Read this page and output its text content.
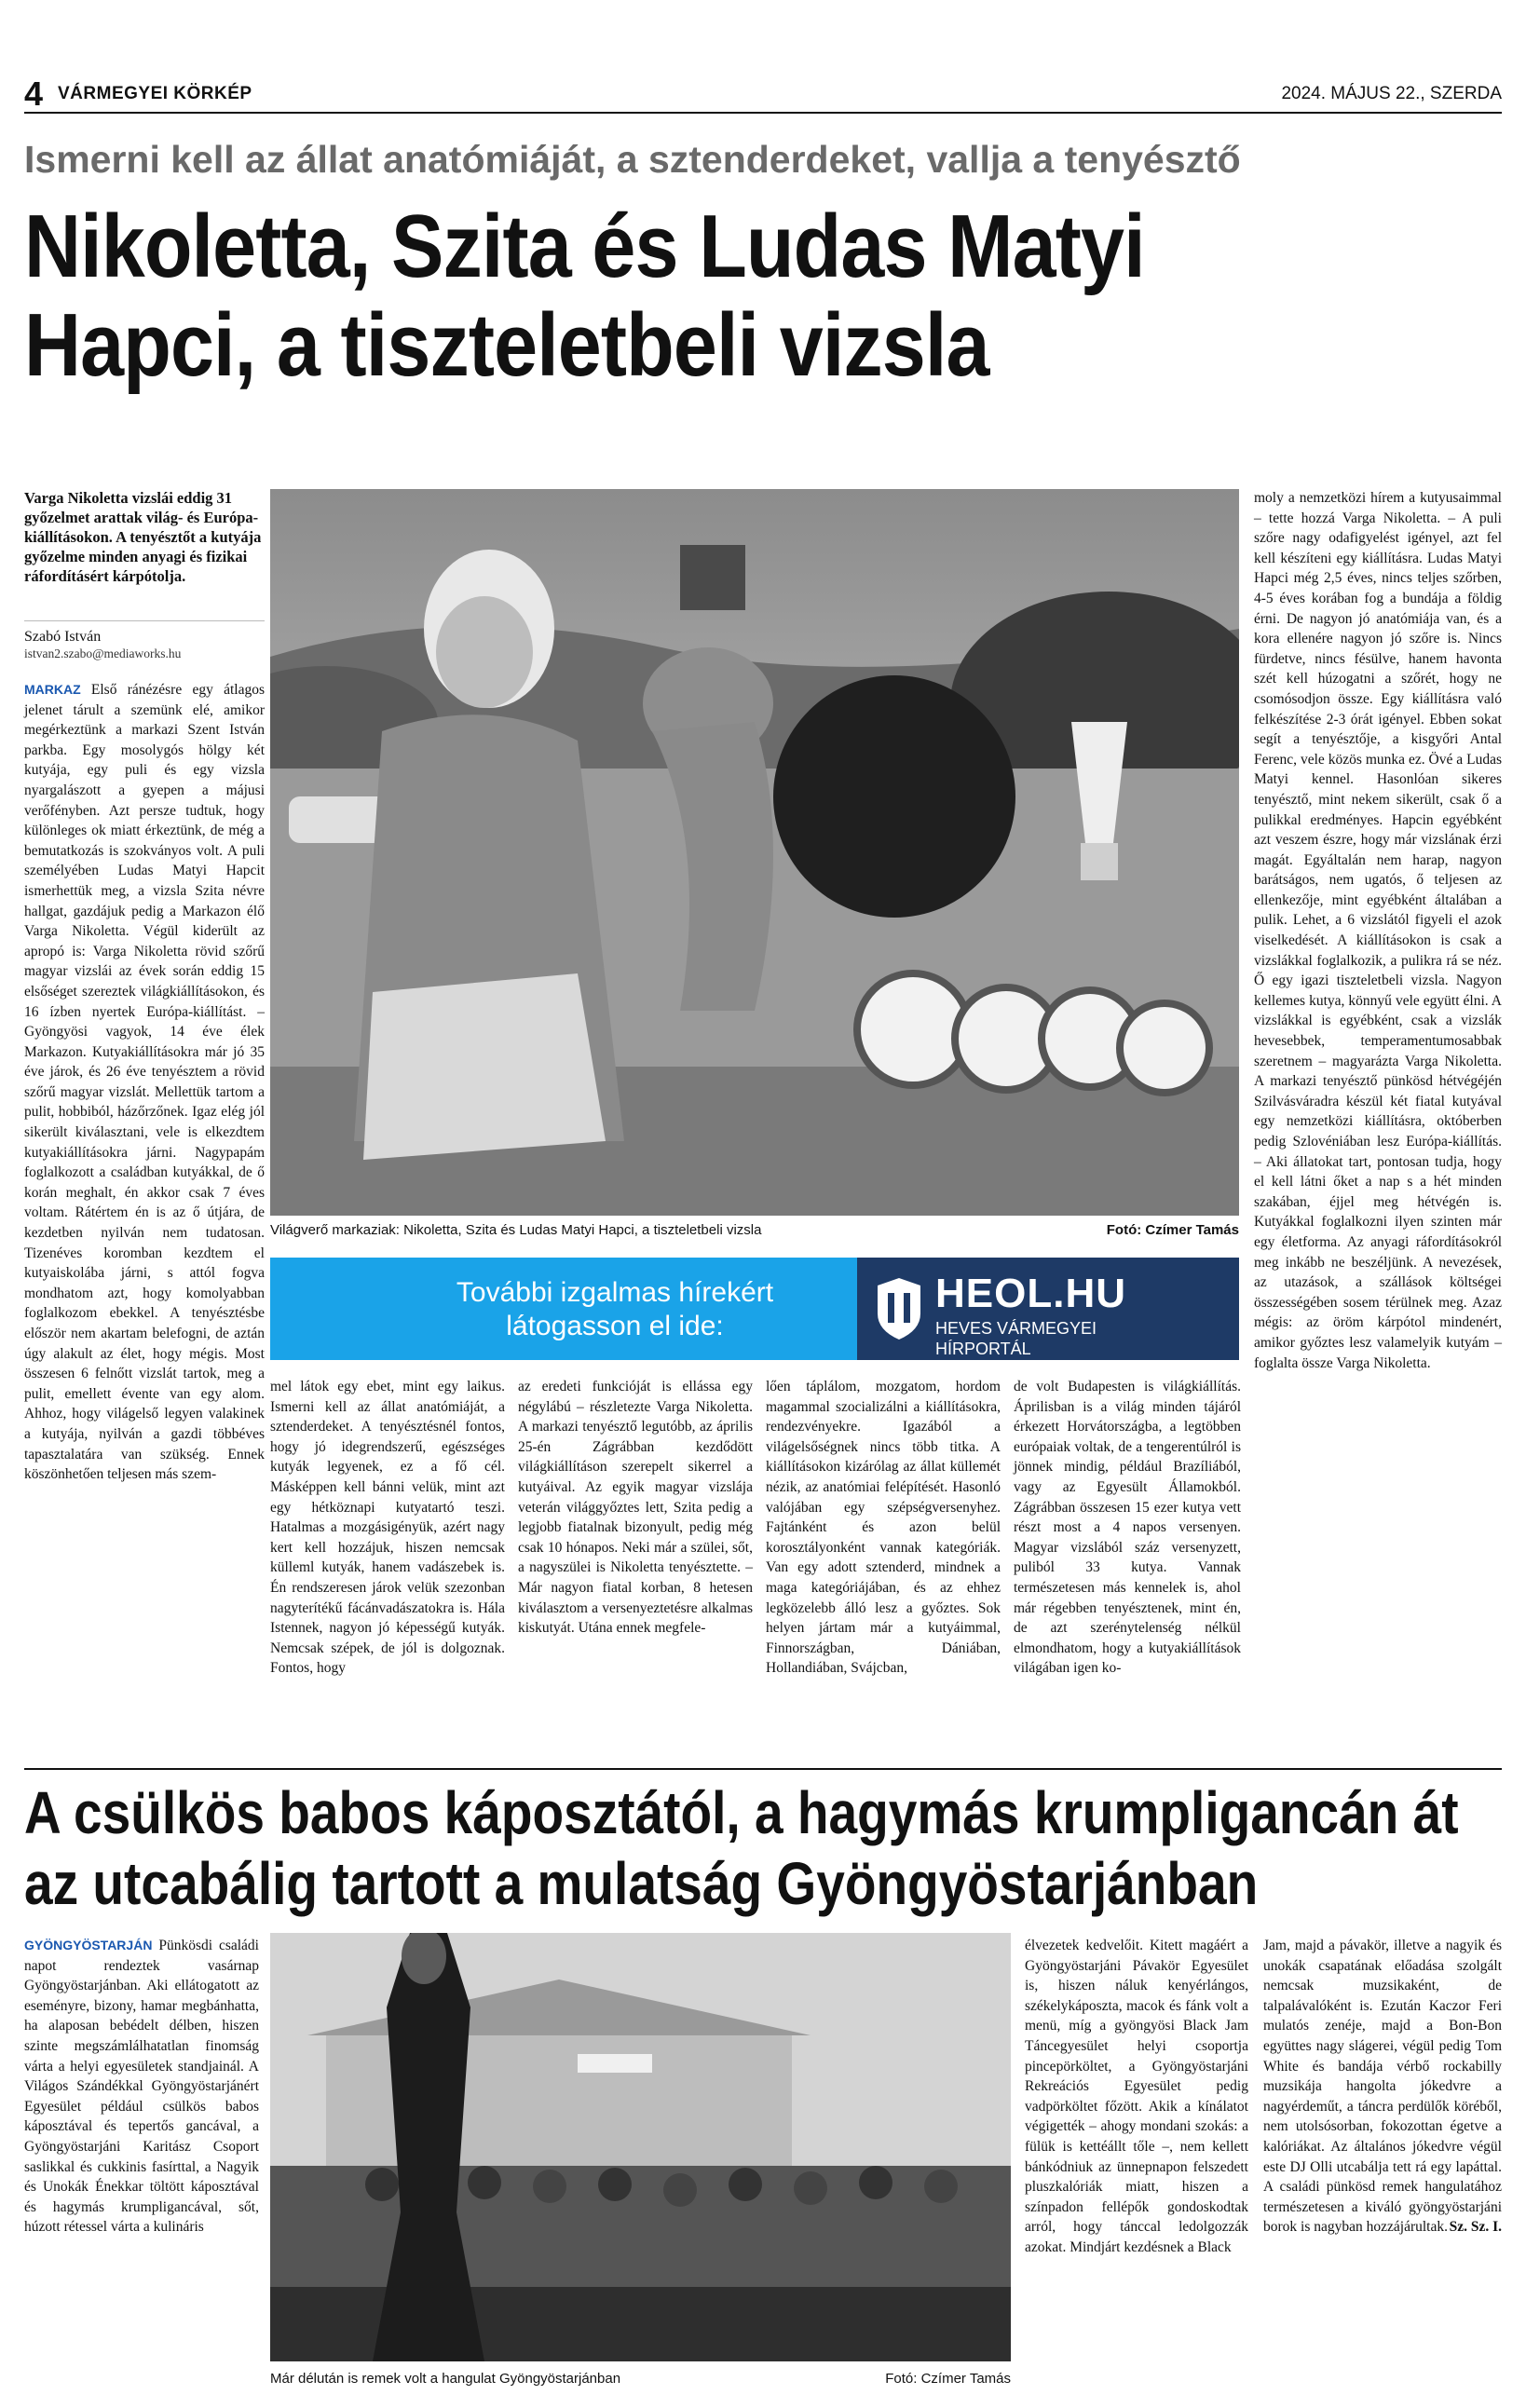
4 VÁRMEGYEI KÖRKÉP	2024. MÁJUS 22., SZERDA
Ismerni kell az állat anatómiáját, a sztenderdeket, vallja a tenyésztő
Nikoletta, Szita és Ludas Matyi
Hapci, a tiszteletbeli vizsla
Varga Nikoletta vizslái eddig 31 győzelmet arattak világ- és Európa-kiállításokon. A tenyésztőt a kutyája győzelme minden anyagi és fizikai ráfordításért kárpótolja.
Szabó István
istvan2.szabo@mediaworks.hu
MARKAZ Első ránézésre egy átlagos jelenet tárult a szemünk elé, amikor megérkeztünk a markazi Szent István parkba. Egy mosolygós hölgy két kutyája, egy puli és egy vizsla nyargalászott a gyepen a májusi verőfényben. Azt persze tudtuk, hogy különleges ok miatt érkeztünk, de még a bemutatkozás is szokványos volt. A puli személyében Ludas Matyi Hapcit ismerhettük meg, a vizsla Szita névre hallgat, gazdájuk pedig a Markazon élő Varga Nikoletta. Végül kiderült az apropó is: Varga Nikoletta rövid szőrű magyar vizslái az évek során eddig 15 elsőséget szereztek világkiállításokon, és 16 ízben nyertek Európa-kiállítást. – Gyöngyösi vagyok, 14 éve élek Markazon. Kutyakiállításokra már jó 35 éve járok, és 26 éve tenyésztem a rövid szőrű magyar vizslát. Mellettük tartom a pulit, hobbiból, házőrzőnek. Igaz elég jól sikerült kiválasztani, vele is elkezdtem kutyakiállításokra járni. Nagypapám foglalkozott a családban kutyákkal, de ő korán meghalt, én akkor csak 7 éves voltam. Rátértem én is az ő útjára, de kezdetben nyilván nem tudatosan. Tizenéves koromban kezdtem el kutyaiskolába járni, s attól fogva mondhatom azt, hogy komolyabban foglalkozom ebekkel. A tenyésztésbe először nem akartam belefogni, de aztán úgy alakult az élet, hogy mégis. Most összesen 6 felnőtt vizslát tartok, meg a pulit, emellett évente van egy alom. Ahhoz, hogy világelső legyen valakinek a kutyája, nyilván a gazdi többéves tapasztalatára van szükség. Ennek köszönhetően teljesen más szem-
Világverő markaziak: Nikoletta, Szita és Ludas Matyi Hapci, a tiszteletbeli vizsla	Fotó: Czímer Tamás
További izgalmas hírekért
látogasson el ide:
HEOL.HU
HEVES VÁRMEGYEI
HÍRPORTÁL
mel látok egy ebet, mint egy laikus. Ismerni kell az állat anatómiáját, a sztenderdeket. A tenyésztésnél fontos, hogy jó idegrendszerű, egészséges kutyák legyenek, ez a fő cél. Másképpen kell bánni velük, mint azt egy hétköznapi kutyatartó teszi. Hatalmas a mozgásigényük, azért nagy kert kell hozzájuk, hiszen nemcsak külleml kutyák, hanem vadászebek is. Én rendszeresen járok velük szezonban nagyterítékű fácánvadászatokra is. Hála Istennek, nagyon jó képességű kutyák. Nemcsak szépek, de jól is dolgoznak. Fontos, hogy
az eredeti funkcióját is ellássa egy négylábú – részletezte Varga Nikoletta. A markazi tenyésztő legutóbb, az április 25-én Zágrábban kezdődött világkiállításon szerepelt sikerrel a kutyáival. Az egyik magyar vizslája veterán világgyőztes lett, Szita pedig a legjobb fiatalnak bizonyult, pedig még csak 10 hónapos. Neki már a szülei, sőt, a nagyszülei is Nikoletta tenyésztette. – Már nagyon fiatal korban, 8 hetesen kiválasztom a versenyeztetésre alkalmas kiskutyát. Utána ennek megfele-
lően táplálom, mozgatom, hordom magammal szocializálni a kiállításokra, rendezvényekre. Igazából a világelsőségnek nincs több titka. A kiállításokon kizárólag az állat küllemét nézik, az anatómiai felépítését. Hasonló valójában egy szépségversenyhez. Fajtánként és azon belül korosztályonként vannak kategóriák. Van egy adott sztenderd, mindnek a maga kategóriájában, és az ehhez legközelebb álló lesz a győztes. Sok helyen jártam már a kutyáimmal, Finnországban, Dániában, Hollandiában, Svájcban,
de volt Budapesten is világkiállítás. Áprilisban is a világ minden tájáról érkezett Horvátországba, a legtöbben európaiak voltak, de a tengerentúlról is jönnek mindig, például Brazíliából, vagy az Egyesült Államokból. Zágrábban összesen 15 ezer kutya vett részt most a 4 napos versenyen. Magyar vizslából száz versenyzett, puliból 33 kutya. Vannak természetesen más kennelek is, ahol már régebben tenyésztenek, mint én, de azt szerénytelenség nélkül elmondhatom, hogy a kutyakiállítások világában igen ko-
moly a nemzetközi hírem a kutyusaimmal – tette hozzá Varga Nikoletta. – A puli szőre nagy odafigyelést igényel, azt fel kell készíteni egy kiállításra. Ludas Matyi Hapci még 2,5 éves, nincs teljes szőrben, 4-5 éves korában fog a bundája a földig érni. De nagyon jó anatómiája van, és a kora ellenére nagyon jó szőre is. Nincs fürdetve, nincs fésülve, hanem havonta szét kell húzogatni a szőrét, hogy ne csomósodjon össze. Egy kiállításra való felkészítése 2-3 órát igényel. Ebben sokat segít a tenyésztője, a kisgyőri Antal Ferenc, vele közös munka ez. Övé a Ludas Matyi kennel. Hasonlóan sikeres tenyésztő, mint nekem sikerült, csak ő a pulikkal eredményes. Hapcin egyébként azt veszem észre, hogy már vizslának érzi magát. Egyáltalán nem harap, nagyon barátságos, nem ugatós, ő teljesen az ellenkezője, mint egyébként általában a pulik. Lehet, a 6 vizslától figyeli el azok viselkedését. A kiállításokon is csak a vizslákkal foglalkozik, a pulikra rá se néz. Ő egy igazi tiszteletbeli vizsla. Nagyon kellemes kutya, könnyű vele együtt élni. A vizslákkal is egyébként, csak a vizslák hevesebbek, temperamentumosabbak szeretnem – magyarázta Varga Nikoletta. A markazi tenyésztő pünkösd hétvégéjén Szilvásváradra készül két fiatal kutyával egy nemzetközi kiállításra, októberben pedig Szlovéniában lesz Európa-kiállítás. – Aki állatokat tart, pontosan tudja, hogy el kell látni őket a nap s a hét minden szakában, éjjel meg hétvégén is. Kutyákkal foglalkozni ilyen szinten már egy életforma. Az anyagi ráfordításokról meg inkább ne beszéljünk. A nevezések, az utazások, a szállások költségei összességében sosem térülnek meg. Azaz mégis: az öröm kárpótol mindenért, amikor győztes lesz valamelyik kutyám – foglalta össze Varga Nikoletta.
A csülkös babos káposztától, a hagymás krumpligancán át
az utcabálig tartott a mulatság Gyöngyöstarjánban
GYÖNGYÖSTARJÁN Pünkösdi családi napot rendeztek vasárnap Gyöngyöstarjánban. Aki ellátogatott az eseményre, bizony, hamar megbánhatta, ha alaposan bebédelt délben, hiszen szinte megszámlálhatatlan finomság várta a helyi egyesületek standjainál. A Világos Szándékkal Gyöngyöstarjánért Egyesület például csülkös babos káposztával és tepertős gancával, a Gyöngyöstarjáni Karitász Csoport saslikkal és cukkinis fasírttal, a Nagyik és Unokák Énekkar töltött káposztával és hagymás krumpligancával, sőt, húzott rétessel várta a kulináris
Már délután is remek volt a hangulat Gyöngyöstarjánban	Fotó: Czímer Tamás
élvezetek kedvelőit. Kitett magáért a Gyöngyöstarjáni Pávakör Egyesület is, hiszen náluk kenyérlángos, székelykáposzta, macok és fánk volt a menü, míg a gyöngyösi Black Jam Táncegyesület helyi csoportja pincepörköltet, a Gyöngyöstarjáni Rekreációs Egyesület pedig vadpörköltet főzött. Akik a kínálatot végigették – ahogy mondani szokás: a fülük is kettéállt tőle –, nem kellett bánkódniuk az ünnepnapon felszedett pluszkalóriák miatt, hiszen a színpadon fellépők gondoskodtak arról, hogy tánccal ledolgozzák azokat. Mindjárt kezdésnek a Black
Jam, majd a pávakör, illetve a nagyik és unokák csapatának előadása szolgált nemcsak muzsikaként, de talpalávalóként is. Ezután Kaczor Feri mulatós zenéje, majd a Bon-Bon együttes nagy slágerei, végül pedig Tom White és bandája vérbő rockabilly muzsikája hangolta jókedvre a nagyérdeműt, a táncra perdülők köréből, nem utolsósorban, fokozottan égetve a kalóriákat. Az általános jókedvre végül este DJ Olli utcabálja tett rá egy lapáttal. A családi pünkösd remek hangulatához természetesen a kiváló gyöngyöstarjáni borok is nagyban hozzájárultak. Sz. Sz. I.
